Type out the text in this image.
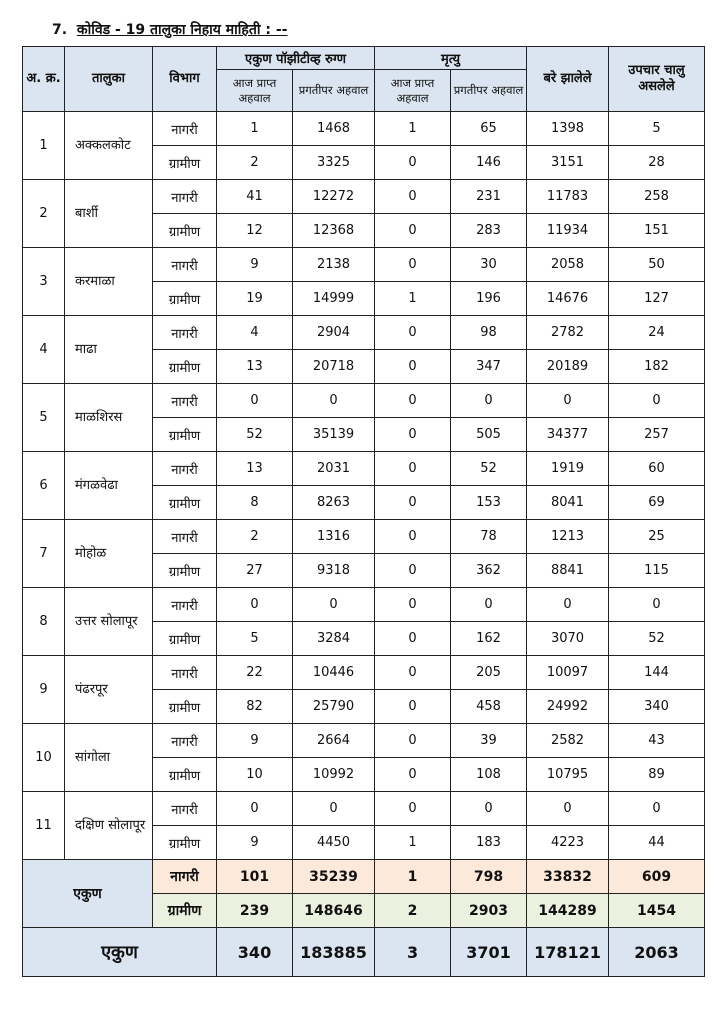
7. कोविड - 19 तालुका निहाय माहिती : --
अ. क्र.	तालुका	विभाग	एकुण पॉझीटीव्ह रुग्ण		मृत्यु		बरे झालेले	उपचार चालु असलेले
			आज प्राप्त अहवाल	प्रगतीपर अहवाल	आज प्राप्त अहवाल	प्रगतीपर अहवाल		
1	अक्कलकोट	नागरी	1	1468	1	65	1398	5
		ग्रामीण	2	3325	0	146	3151	28
2	बार्शी	नागरी	41	12272	0	231	11783	258
		ग्रामीण	12	12368	0	283	11934	151
3	करमाळा	नागरी	9	2138	0	30	2058	50
		ग्रामीण	19	14999	1	196	14676	127
4	माढा	नागरी	4	2904	0	98	2782	24
		ग्रामीण	13	20718	0	347	20189	182
5	माळशिरस	नागरी	0	0	0	0	0	0
		ग्रामीण	52	35139	0	505	34377	257
6	मंगळवेढा	नागरी	13	2031	0	52	1919	60
		ग्रामीण	8	8263	0	153	8041	69
7	मोहोळ	नागरी	2	1316	0	78	1213	25
		ग्रामीण	27	9318	0	362	8841	115
8	उत्तर सोलापूर	नागरी	0	0	0	0	0	0
		ग्रामीण	5	3284	0	162	3070	52
9	पंढरपूर	नागरी	22	10446	0	205	10097	144
		ग्रामीण	82	25790	0	458	24992	340
10	सांगोला	नागरी	9	2664	0	39	2582	43
		ग्रामीण	10	10992	0	108	10795	89
11	दक्षिण सोलापूर	नागरी	0	0	0	0	0	0
		ग्रामीण	9	4450	1	183	4223	44
एकुण		नागरी	101	35239	1	798	33832	609
		ग्रामीण	239	148646	2	2903	144289	1454
एकुण			340	183885	3	3701	178121	2063
